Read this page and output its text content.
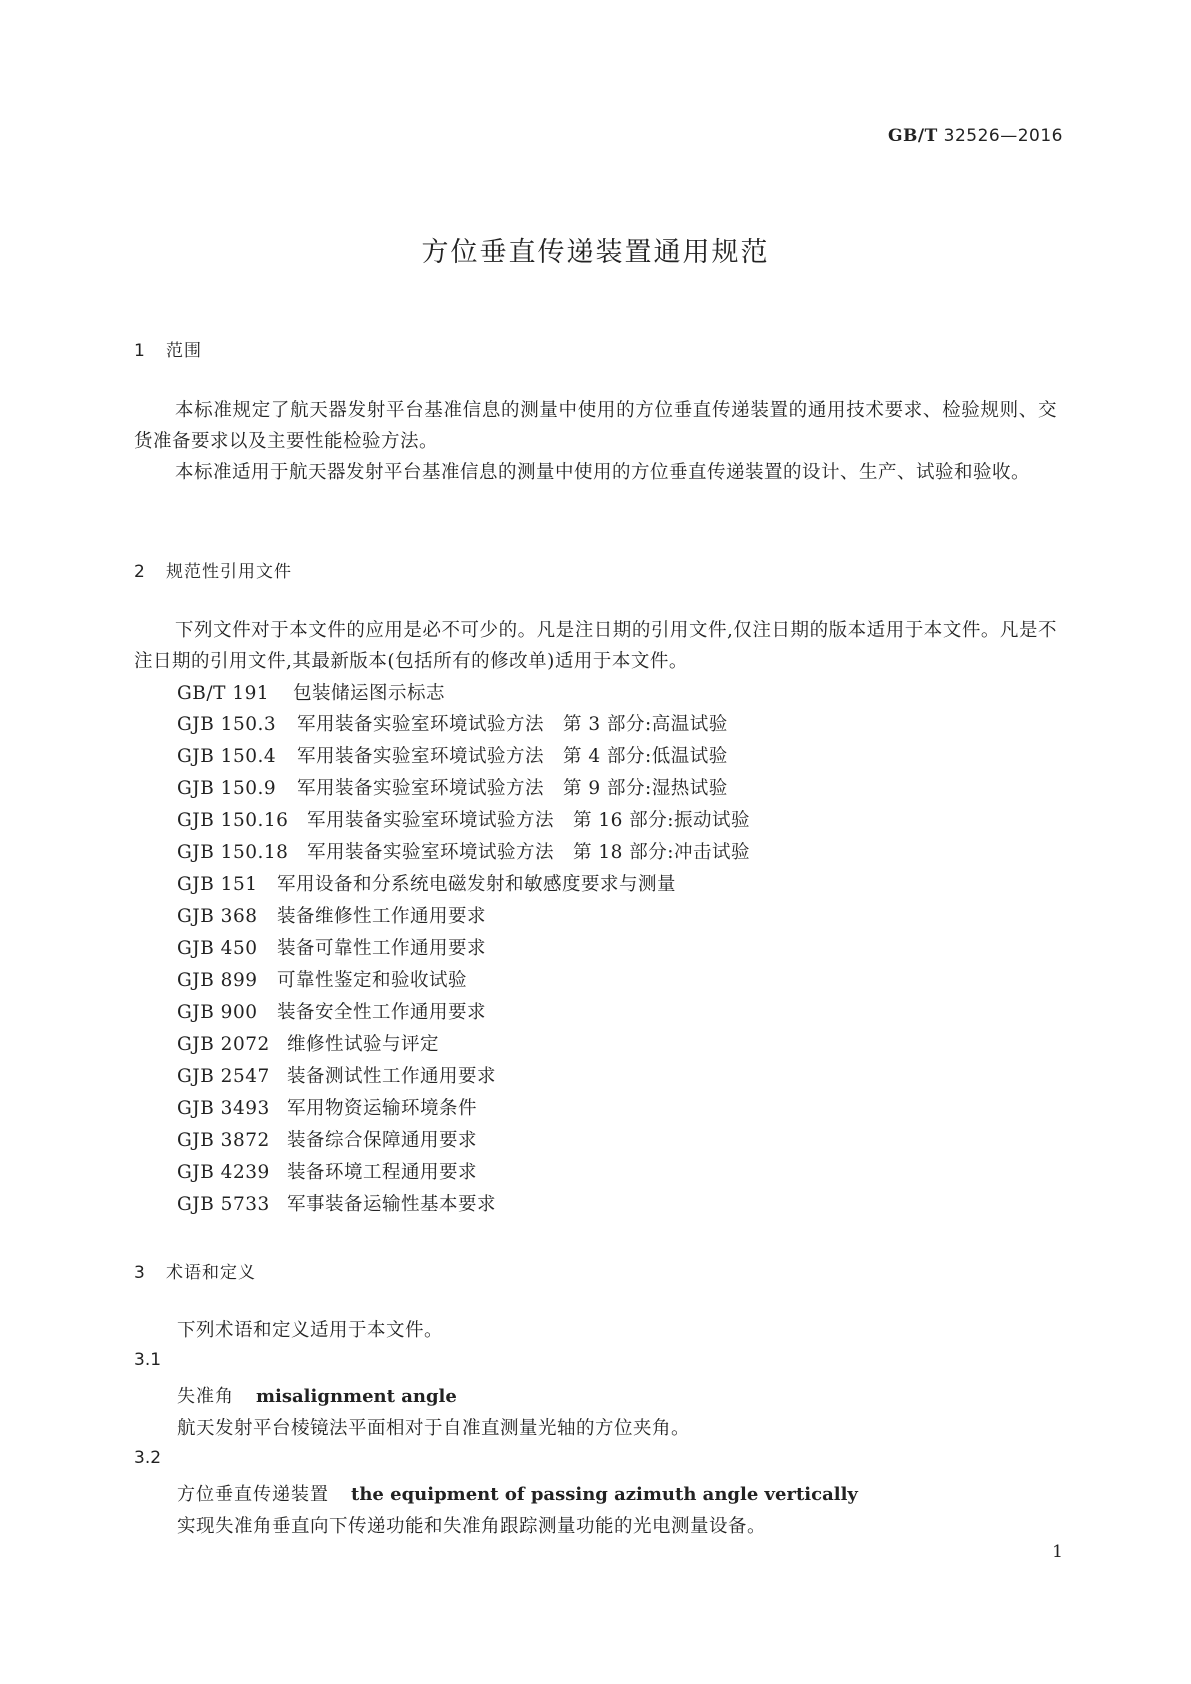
GB/T 32526—2016
方位垂直传递装置通用规范
1 范围
本标准规定了航天器发射平台基准信息的测量中使用的方位垂直传递装置的通用技术要求、检验规则、交货准备要求以及主要性能检验方法。
本标准适用于航天器发射平台基准信息的测量中使用的方位垂直传递装置的设计、生产、试验和验收。
2 规范性引用文件
下列文件对于本文件的应用是必不可少的。凡是注日期的引用文件,仅注日期的版本适用于本文件。凡是不注日期的引用文件,其最新版本(包括所有的修改单)适用于本文件。
GB/T 191 包装储运图示标志
GJB 150.3 军用装备实验室环境试验方法　第 3 部分:高温试验
GJB 150.4 军用装备实验室环境试验方法　第 4 部分:低温试验
GJB 150.9 军用装备实验室环境试验方法　第 9 部分:湿热试验
GJB 150.16 军用装备实验室环境试验方法　第 16 部分:振动试验
GJB 150.18 军用装备实验室环境试验方法　第 18 部分:冲击试验
GJB 151 军用设备和分系统电磁发射和敏感度要求与测量
GJB 368 装备维修性工作通用要求
GJB 450 装备可靠性工作通用要求
GJB 899 可靠性鉴定和验收试验
GJB 900 装备安全性工作通用要求
GJB 2072 维修性试验与评定
GJB 2547 装备测试性工作通用要求
GJB 3493 军用物资运输环境条件
GJB 3872 装备综合保障通用要求
GJB 4239 装备环境工程通用要求
GJB 5733 军事装备运输性基本要求
3 术语和定义
下列术语和定义适用于本文件。
3.1
失准角 misalignment angle
航天发射平台棱镜法平面相对于自准直测量光轴的方位夹角。
3.2
方位垂直传递装置 the equipment of passing azimuth angle vertically
实现失准角垂直向下传递功能和失准角跟踪测量功能的光电测量设备。
1
